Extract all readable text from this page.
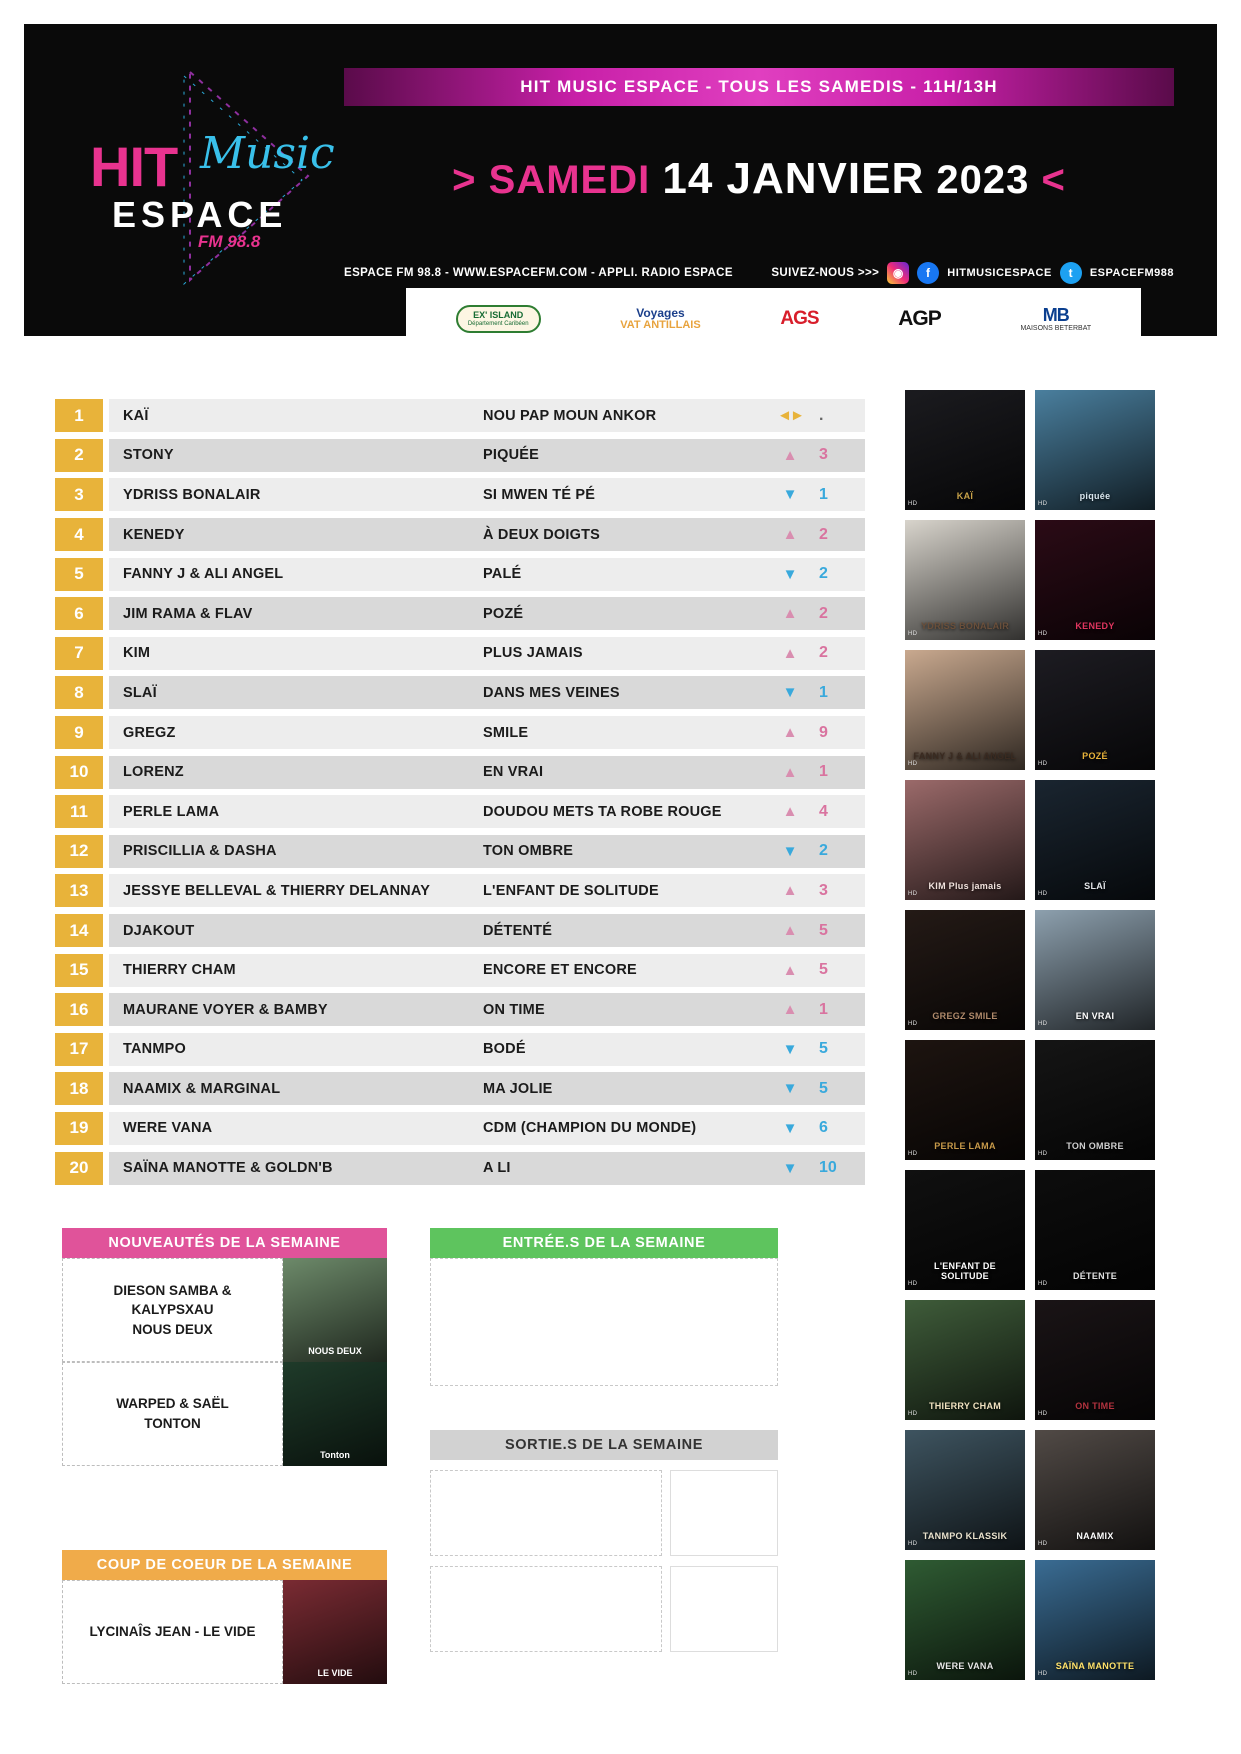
HIT Music
ESPACE
FM 98.8
HIT MUSIC ESPACE - TOUS LES SAMEDIS - 11H/13H
> SAMEDI 14 JANVIER 2023 <
ESPACE FM 98.8 - WWW.ESPACEFM.COM - APPLI. RADIO ESPACE	SUIVEZ-NOUS >>>	◉	f	HITMUSICESPACE	t	ESPACEFM988
EX' ISLAND
Département Caribéen
Voyages
VAT ANTILLAIS	AGS	AGP	MB
MAISONS BETERBAT
1	KAÏ	NOU PAP MOUN ANKOR	◄►	.
2	STONY	PIQUÉE	▲	3
3	YDRISS BONALAIR	SI MWEN TÉ PÉ	▼	1
4	KENEDY	À DEUX DOIGTS	▲	2
5	FANNY J & ALI ANGEL	PALÉ	▼	2
6	JIM RAMA & FLAV	POZÉ	▲	2
7	KIM	PLUS JAMAIS	▲	2
8	SLAÏ	DANS MES VEINES	▼	1
9	GREGZ	SMILE	▲	9
10	LORENZ	EN VRAI	▲	1
11	PERLE LAMA	DOUDOU METS TA ROBE ROUGE	▲	4
12	PRISCILLIA & DASHA	TON OMBRE	▼	2
13	JESSYE BELLEVAL & THIERRY DELANNAY	L'ENFANT DE SOLITUDE	▲	3
14	DJAKOUT	DÉTENTÉ	▲	5
15	THIERRY CHAM	ENCORE ET ENCORE	▲	5
16	MAURANE VOYER & BAMBY	ON TIME	▲	1
17	TANMPO	BODÉ	▼	5
18	NAAMIX & MARGINAL	MA JOLIE	▼	5
19	WERE VANA	CDM (CHAMPION DU MONDE)	▼	6
20	SAÏNA MANOTTE & GOLDN'B	A LI	▼	10
KAÏ
HD
piquée
HD
YDRISS BONALAIR
HD
KENEDY
HD
FANNY J & ALI ANGEL
HD
POZÉ
HD
KIM Plus jamais
HD
SLAÏ
HD
GREGZ SMILE
HD
EN VRAI
HD
PERLE LAMA
HD
TON OMBRE
HD
L'ENFANT DE SOLITUDE
HD
DÉTENTE
HD
THIERRY CHAM
HD
ON TIME
HD
TANMPO KLASSIK
HD
NAAMIX
HD
WERE VANA
HD
SAÏNA MANOTTE
HD
NOUVEAUTÉS DE LA SEMAINE
DIESON SAMBA & KALYPSXAU
NOUS DEUX
NOUS DEUX
WARPED & SAËL
TONTON
Tonton
COUP DE COEUR DE LA SEMAINE
LYCINAÎS JEAN - LE VIDE
LE VIDE
ENTRÉE.S DE LA SEMAINE
SORTIE.S DE LA SEMAINE
